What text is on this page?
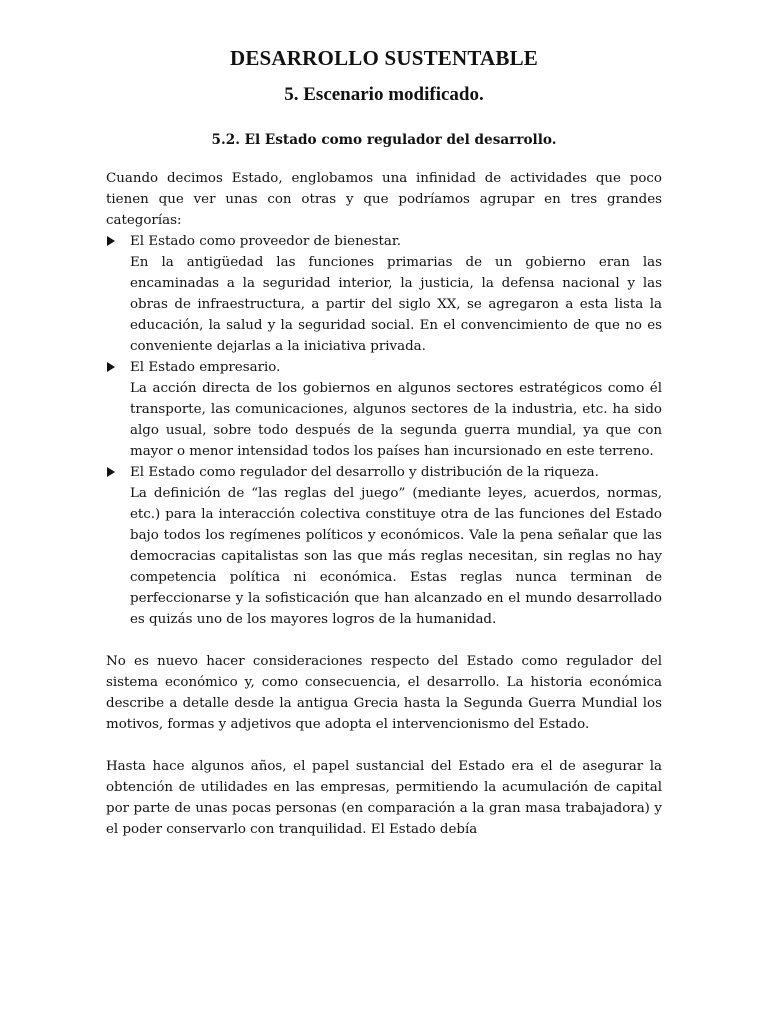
DESARROLLO SUSTENTABLE
5. Escenario modificado.
5.2. El Estado como regulador del desarrollo.

Cuando decimos Estado, englobamos una infinidad de actividades que poco tienen que ver unas con otras y que podríamos agrupar en tres grandes categorías:

El Estado como proveedor de bienestar.

En la antigüedad las funciones primarias de un gobierno eran las encaminadas a la seguridad interior, la justicia, la defensa nacional y las obras de infraestructura, a partir del siglo XX, se agregaron a esta lista la educación, la salud y la seguridad social. En el convencimiento de que no es conveniente dejarlas a la iniciativa privada.

El Estado empresario.

La acción directa de los gobiernos en algunos sectores estratégicos como él transporte, las comunicaciones, algunos sectores de la industria, etc. ha sido algo usual, sobre todo después de la segunda guerra mundial, ya que con mayor o menor intensidad todos los países han incursionado en este terreno.

El Estado como regulador del desarrollo y distribución de la riqueza.

La definición de “las reglas del juego” (mediante leyes, acuerdos, normas, etc.) para la interacción colectiva constituye otra de las funciones del Estado bajo todos los regímenes políticos y económicos. Vale la pena señalar que las democracias capitalistas son las que más reglas necesitan, sin reglas no hay competencia política ni económica. Estas reglas nunca terminan de perfeccionarse y la sofisticación que han alcanzado en el mundo desarrollado es quizás uno de los mayores logros de la humanidad.

No es nuevo hacer consideraciones respecto del Estado como regulador del sistema económico y, como consecuencia, el desarrollo. La historia económica describe a detalle desde la antigua Grecia hasta la Segunda Guerra Mundial los motivos, formas y adjetivos que adopta el intervencionismo del Estado.

Hasta hace algunos años, el papel sustancial del Estado era el de asegurar la obtención de utilidades en las empresas, permitiendo la acumulación de capital por parte de unas pocas personas (en comparación a la gran masa trabajadora) y el poder conservarlo con tranquilidad. El Estado debía
